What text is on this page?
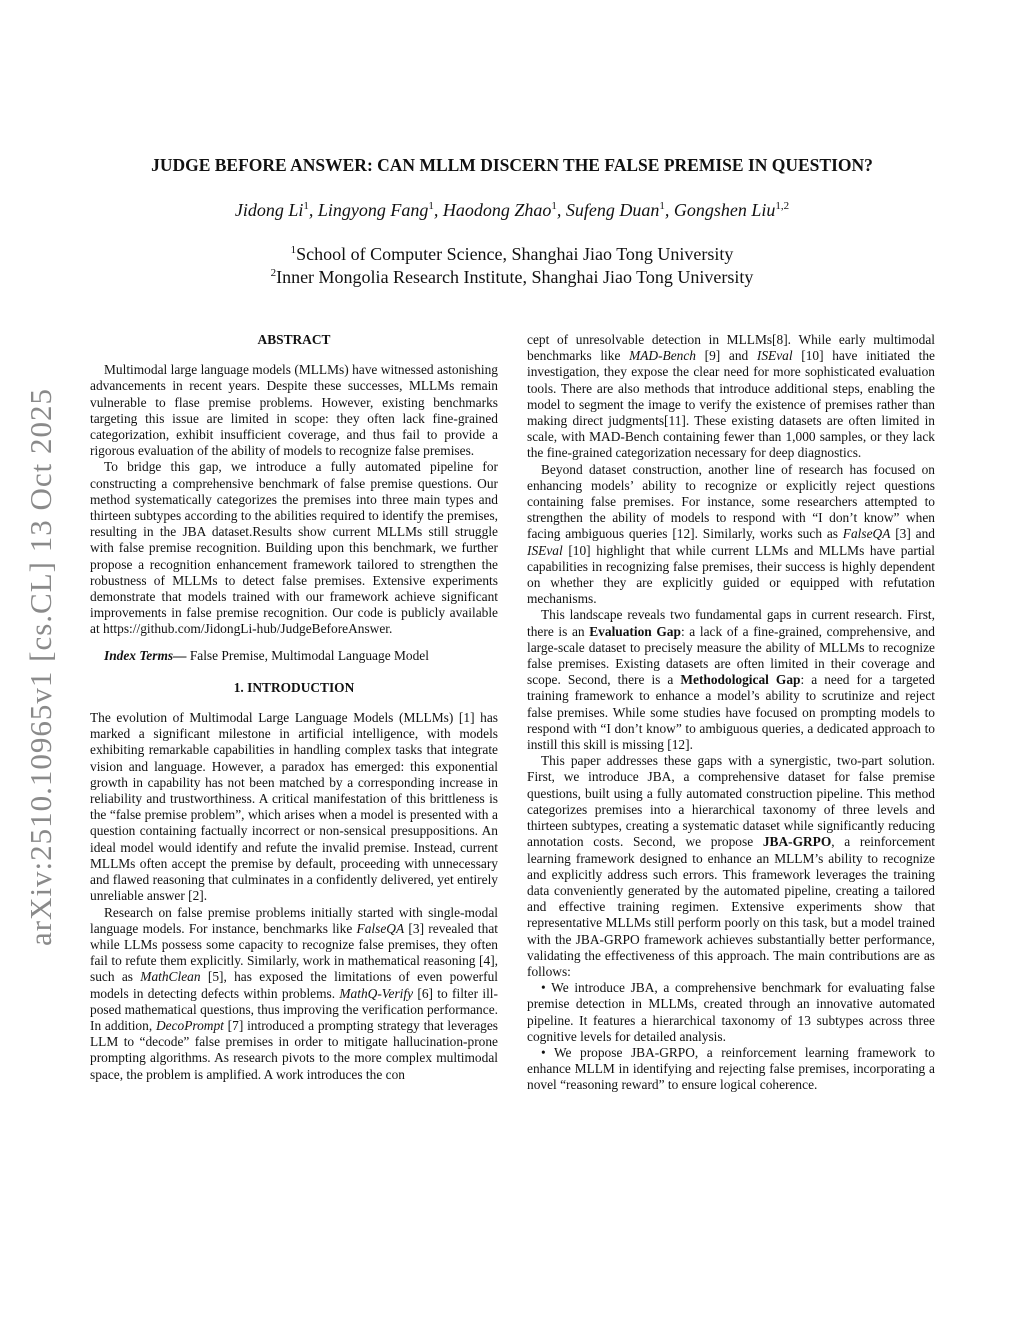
arXiv:2510.10965v1 [cs.CL] 13 Oct 2025
JUDGE BEFORE ANSWER: CAN MLLM DISCERN THE FALSE PREMISE IN QUESTION?
Jidong Li$^1$, Lingyong Fang$^1$, Haodong Zhao$^1$, Sufeng Duan$^1$, Gongshen Liu$^{1,2}$
$^1$School of Computer Science, Shanghai Jiao Tong University
$^2$Inner Mongolia Research Institute, Shanghai Jiao Tong University
ABSTRACT

Multimodal large language models (MLLMs) have witnessed astonishing advancements in recent years. Despite these successes, MLLMs remain vulnerable to flase premise problems. However, existing benchmarks targeting this issue are limited in scope: they often lack fine-grained categorization, exhibit insufficient coverage, and thus fail to provide a rigorous evaluation of the ability of models to recognize false premises.

To bridge this gap, we introduce a fully automated pipeline for constructing a comprehensive benchmark of false premise questions. Our method systematically categorizes the premises into three main types and thirteen subtypes according to the abilities required to identify the premises, resulting in the JBA dataset.Results show current MLLMs still struggle with false premise recognition. Building upon this benchmark, we further propose a recognition enhancement framework tailored to strengthen the robustness of MLLMs to detect false premises. Extensive experiments demonstrate that models trained with our framework achieve significant improvements in false premise recognition. Our code is publicly available at https://github.com/JidongLi-hub/JudgeBeforeAnswer.

Index Terms— False Premise, Multimodal Language Model

1. INTRODUCTION

The evolution of Multimodal Large Language Models (MLLMs) [1] has marked a significant milestone in artificial intelligence, with models exhibiting remarkable capabilities in handling complex tasks that integrate vision and language. However, a paradox has emerged: this exponential growth in capability has not been matched by a corresponding increase in reliability and trustworthiness. A critical manifestation of this brittleness is the “false premise problem”, which arises when a model is presented with a question containing factually incorrect or non-sensical presuppositions. An ideal model would identify and refute the invalid premise. Instead, current MLLMs often accept the premise by default, proceeding with unnecessary and flawed reasoning that culminates in a confidently delivered, yet entirely unreliable answer [2].

Research on false premise problems initially started with single-modal language models. For instance, benchmarks like FalseQA [3] revealed that while LLMs possess some capacity to recognize false premises, they often fail to refute them explicitly. Similarly, work in mathematical reasoning [4], such as MathClean [5], has exposed the limitations of even powerful models in detecting defects within problems. MathQ-Verify [6] to filter ill-posed mathematical questions, thus improving the verification performance. In addition, DecoPrompt [7] introduced a prompting strategy that leverages LLM to “decode” false premises in order to mitigate hallucination-prone prompting algorithms. As research pivots to the more complex multimodal space, the problem is amplified. A work introduces the con

cept of unresolvable detection in MLLMs[8]. While early multimodal benchmarks like MAD-Bench [9] and ISEval [10] have initiated the investigation, they expose the clear need for more sophisticated evaluation tools. There are also methods that introduce additional steps, enabling the model to segment the image to verify the existence of premises rather than making direct judgments[11]. These existing datasets are often limited in scale, with MAD-Bench containing fewer than 1,000 samples, or they lack the fine-grained categorization necessary for deep diagnostics.

Beyond dataset construction, another line of research has focused on enhancing models’ ability to recognize or explicitly reject questions containing false premises. For instance, some researchers attempted to strengthen the ability of models to respond with “I don’t know” when facing ambiguous queries [12]. Similarly, works such as FalseQA [3] and ISEval [10] highlight that while current LLMs and MLLMs have partial capabilities in recognizing false premises, their success is highly dependent on whether they are explicitly guided or equipped with refutation mechanisms.

This landscape reveals two fundamental gaps in current research. First, there is an Evaluation Gap: a lack of a fine-grained, comprehensive, and large-scale dataset to precisely measure the ability of MLLMs to recognize false premises. Existing datasets are often limited in their coverage and scope. Second, there is a Methodological Gap: a need for a targeted training framework to enhance a model’s ability to scrutinize and reject false premises. While some studies have focused on prompting models to respond with “I don’t know” to ambiguous queries, a dedicated approach to instill this skill is missing [12].

This paper addresses these gaps with a synergistic, two-part solution. First, we introduce JBA, a comprehensive dataset for false premise questions, built using a fully automated construction pipeline. This method categorizes premises into a hierarchical taxonomy of three levels and thirteen subtypes, creating a systematic dataset while significantly reducing annotation costs. Second, we propose JBA-GRPO, a reinforcement learning framework designed to enhance an MLLM’s ability to recognize and explicitly address such errors. This framework leverages the training data conveniently generated by the automated pipeline, creating a tailored and effective training regimen. Extensive experiments show that representative MLLMs still perform poorly on this task, but a model trained with the JBA-GRPO framework achieves substantially better performance, validating the effectiveness of this approach. The main contributions are as follows:

• We introduce JBA, a comprehensive benchmark for evaluating false premise detection in MLLMs, created through an innovative automated pipeline. It features a hierarchical taxonomy of 13 subtypes across three cognitive levels for detailed analysis.

• We propose JBA-GRPO, a reinforcement learning framework to enhance MLLM in identifying and rejecting false premises, incorporating a novel “reasoning reward” to ensure logical coherence.
